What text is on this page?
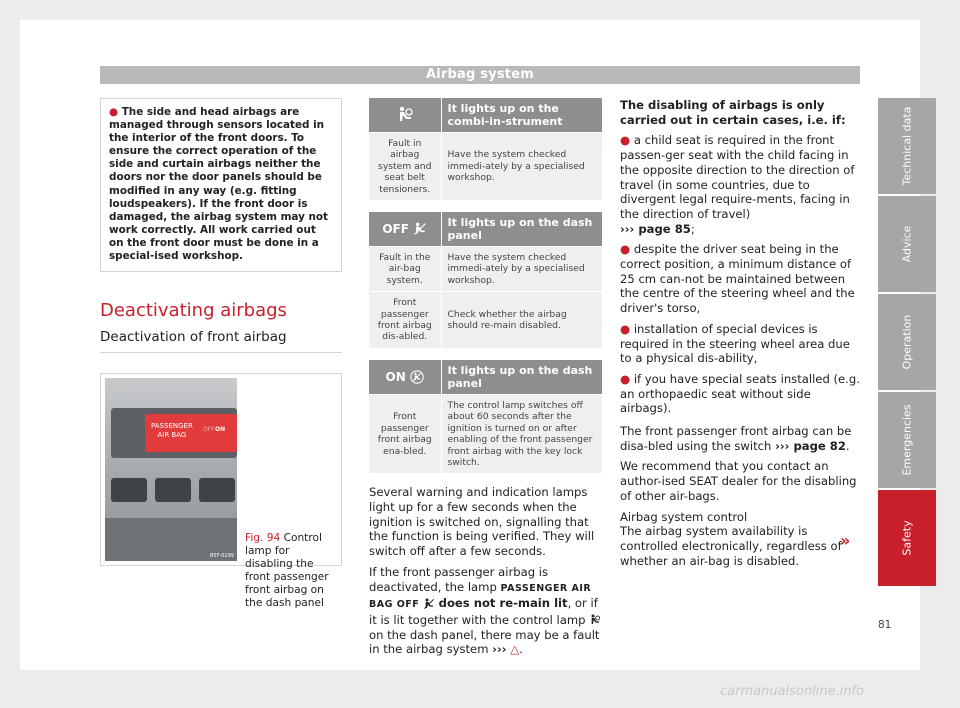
Airbag system
● The side and head airbags are managed through sensors located in the interior of the front doors. To ensure the correct operation of the side and curtain airbags neither the doors nor the door panels should be modified in any way (e.g. fitting loudspeakers). If the front door is damaged, the airbag system may not work correctly. All work carried out on the front door must be done in a special-ised workshop.
Deactivating airbags
Deactivation of front airbag
PASSENGER
AIR BAG
OFF ON
B5F-0299
Fig. 94 Control lamp for disabling the front passenger front airbag on the dash panel
	It lights up on the combi-in-strument
Fault in airbag system and seat belt tensioners.	Have the system checked immedi-ately by a specialised workshop.
OFF	It lights up on the dash panel
Fault in the air-bag system.	Have the system checked immedi-ately by a specialised workshop.
Front passenger front airbag dis-abled.	Check whether the airbag should re-main disabled.
ON	It lights up on the dash panel
Front passenger front airbag ena-bled.	The control lamp switches off about 60 seconds after the ignition is turned on or after enabling of the front passenger front airbag with the key lock switch.

Several warning and indication lamps light up for a few seconds when the ignition is switched on, signalling that the function is being verified. They will switch off after a few seconds.

If the front passenger airbag is deactivated, the lamp PASSENGER AIR BAG OFF does not re-main lit, or if it is lit together with the control lamp  on the dash panel, there may be a fault in the airbag system ››› △.

The disabling of airbags is only carried out in certain cases, i.e. if:

● a child seat is required in the front passen-ger seat with the child facing in the opposite direction to the direction of travel (in some countries, due to divergent legal require-ments, facing in the direction of travel)
››› page 85;

● despite the driver seat being in the correct position, a minimum distance of 25 cm can-not be maintained between the centre of the steering wheel and the driver's torso,

● installation of special devices is required in the steering wheel area due to a physical dis-ability,

● if you have special seats installed (e.g. an orthopaedic seat without side airbags).

The front passenger front airbag can be disa-bled using the switch ››› page 82.

We recommend that you contact an author-ised SEAT dealer for the disabling of other air-bags.

Airbag system control

The airbag system availability is controlled electronically, regardless of whether an air-bag is disabled.

»
Technical data
Advice
Operation
Emergencies
Safety
81
carmanualsonline.info
